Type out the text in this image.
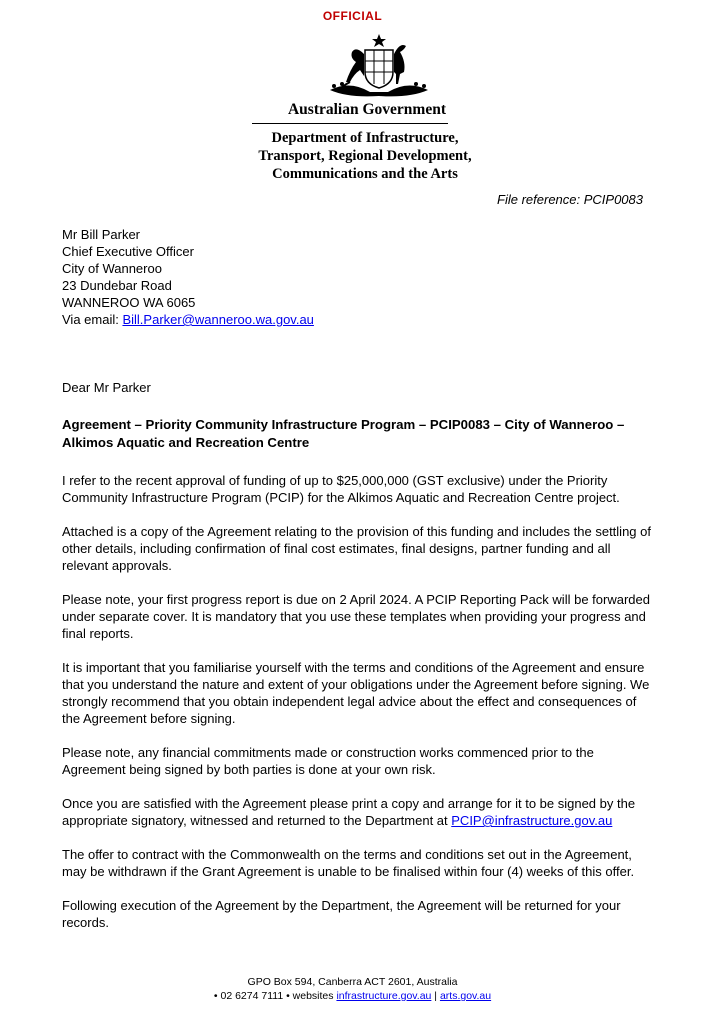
OFFICIAL
Australian Government
Department of Infrastructure,
Transport, Regional Development,
Communications and the Arts
File reference: PCIP0083
Mr Bill Parker
Chief Executive Officer
City of Wanneroo
23 Dundebar Road
WANNEROO WA 6065
Via email: Bill.Parker@wanneroo.wa.gov.au
Dear Mr Parker
Agreement – Priority Community Infrastructure Program – PCIP0083 – City of Wanneroo – Alkimos Aquatic and Recreation Centre

I refer to the recent approval of funding of up to $25,000,000 (GST exclusive) under the Priority Community Infrastructure Program (PCIP) for the Alkimos Aquatic and Recreation Centre project.

Attached is a copy of the Agreement relating to the provision of this funding and includes the settling of other details, including confirmation of final cost estimates, final designs, partner funding and all relevant approvals.

Please note, your first progress report is due on 2 April 2024. A PCIP Reporting Pack will be forwarded under separate cover. It is mandatory that you use these templates when providing your progress and final reports.

It is important that you familiarise yourself with the terms and conditions of the Agreement and ensure that you understand the nature and extent of your obligations under the Agreement before signing. We strongly recommend that you obtain independent legal advice about the effect and consequences of the Agreement before signing.

Please note, any financial commitments made or construction works commenced prior to the Agreement being signed by both parties is done at your own risk.

Once you are satisfied with the Agreement please print a copy and arrange for it to be signed by the appropriate signatory, witnessed and returned to the Department at PCIP@infrastructure.gov.au

The offer to contract with the Commonwealth on the terms and conditions set out in the Agreement, may be withdrawn if the Grant Agreement is unable to be finalised within four (4) weeks of this offer.

Following execution of the Agreement by the Department, the Agreement will be returned for your records.

GPO Box 594, Canberra ACT 2601, Australia
• 02 6274 7111 • websites infrastructure.gov.au | arts.gov.au
